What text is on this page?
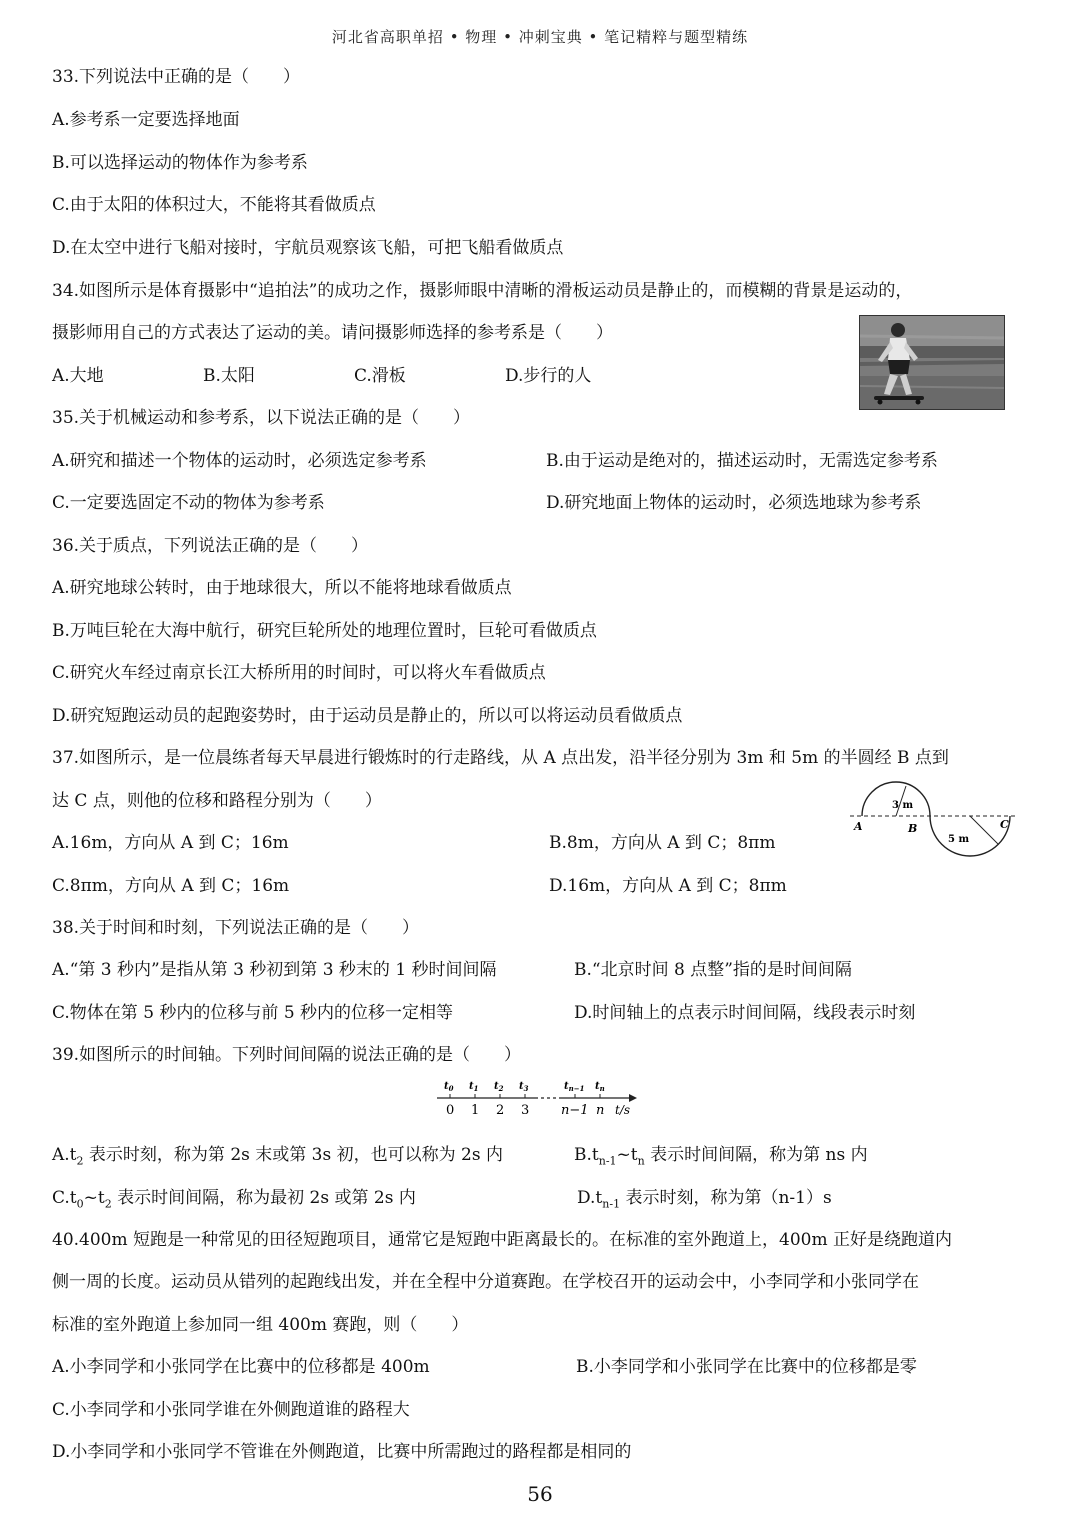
河北省高职单招 • 物理 • 冲刺宝典 • 笔记精粹与题型精练
33.下列说法中正确的是（　　）
A.参考系一定要选择地面
B.可以选择运动的物体作为参考系
C.由于太阳的体积过大，不能将其看做质点
D.在太空中进行飞船对接时，宇航员观察该飞船，可把飞船看做质点
34.如图所示是体育摄影中“追拍法”的成功之作，摄影师眼中清晰的滑板运动员是静止的，而模糊的背景是运动的，
摄影师用自己的方式表达了运动的美。请问摄影师选择的参考系是（　　）
A.大地	B.太阳	C.滑板	D.步行的人
35.关于机械运动和参考系，以下说法正确的是（　　）
A.研究和描述一个物体的运动时，必须选定参考系	B.由于运动是绝对的，描述运动时，无需选定参考系
C.一定要选固定不动的物体为参考系	D.研究地面上物体的运动时，必须选地球为参考系
36.关于质点，下列说法正确的是（　　）
A.研究地球公转时，由于地球很大，所以不能将地球看做质点
B.万吨巨轮在大海中航行，研究巨轮所处的地理位置时，巨轮可看做质点
C.研究火车经过南京长江大桥所用的时间时，可以将火车看做质点
D.研究短跑运动员的起跑姿势时，由于运动员是静止的，所以可以将运动员看做质点
37.如图所示，是一位晨练者每天早晨进行锻炼时的行走路线，从 A 点出发，沿半径分别为 3m 和 5m 的半圆经 B 点到
达 C 点，则他的位移和路程分别为（　　）
A.16m，方向从 A 到 C；16m	B.8m，方向从 A 到 C；8πm
C.8πm，方向从 A 到 C；16m	D.16m，方向从 A 到 C；8πm
A	B	C
3 m
5 m
38.关于时间和时刻，下列说法正确的是（　　）
A.“第 3 秒内”是指从第 3 秒初到第 3 秒末的 1 秒时间间隔	B.“北京时间 8 点整”指的是时间间隔
C.物体在第 5 秒内的位移与前 5 秒内的位移一定相等	D.时间轴上的点表示时间间隔，线段表示时刻
39.如图所示的时间轴。下列时间间隔的说法正确的是（　　）
$t_0$ $t_1$ $t_2$ $t_3$	$t_{n-1}$ $t_n$
0 1 2 3 n−1 n t/s
$A.t_2$ 表示时刻，称为第 2s 末或第 3s 初，也可以称为 2s 内	$B.t_{n-1}\sim t_n$ 表示时间间隔，称为第 ns 内
$C.t_0\sim t_2$ 表示时间间隔，称为最初 2s 或第 2s 内	$D.t_{n-1}$ 表示时刻，称为第（n-1）s
40.400m 短跑是一种常见的田径短跑项目，通常它是短跑中距离最长的。在标准的室外跑道上，400m 正好是绕跑道内
侧一周的长度。运动员从错列的起跑线出发，并在全程中分道赛跑。在学校召开的运动会中，小李同学和小张同学在
标准的室外跑道上参加同一组 400m 赛跑，则（　　）
A.小李同学和小张同学在比赛中的位移都是 400m	B.小李同学和小张同学在比赛中的位移都是零
C.小李同学和小张同学谁在外侧跑道谁的路程大
D.小李同学和小张同学不管谁在外侧跑道，比赛中所需跑过的路程都是相同的
56
